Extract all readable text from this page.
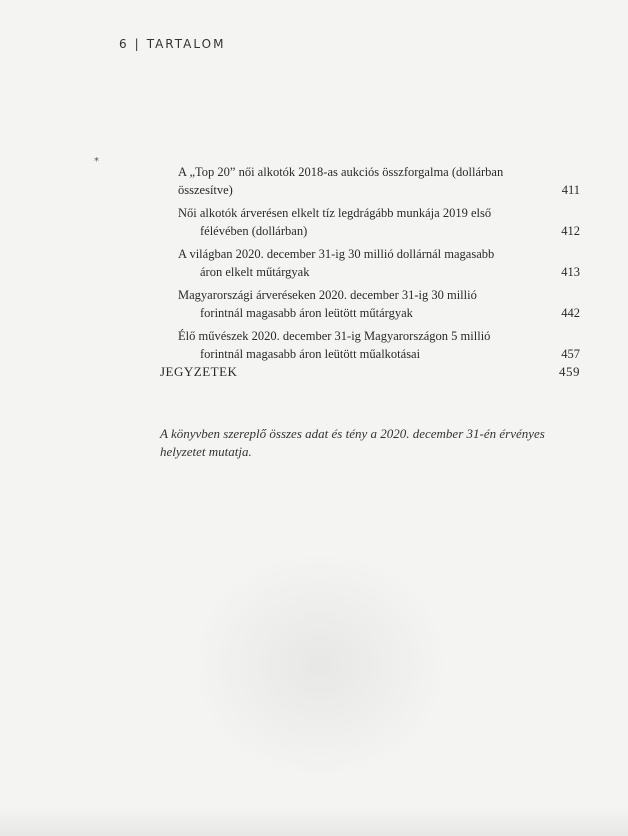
6 | TARTALOM
*
A „Top 20” női alkotók 2018-as aukciós összforgalma (dollárban összesítve)	411
Női alkotók árverésen elkelt tíz legdrágább munkája 2019 első
félévében (dollárban)	412
A világban 2020. december 31-ig 30 millió dollárnál magasabb
áron elkelt műtárgyak	413
Magyarországi árveréseken 2020. december 31-ig 30 millió
forintnál magasabb áron leütött műtárgyak	442
Élő művészek 2020. december 31-ig Magyarországon 5 millió
forintnál magasabb áron leütött műalkotásai	457
JEGYZETEK	459
A könyvben szereplő összes adat és tény a 2020. december 31-én érvényes helyzetet mutatja.
